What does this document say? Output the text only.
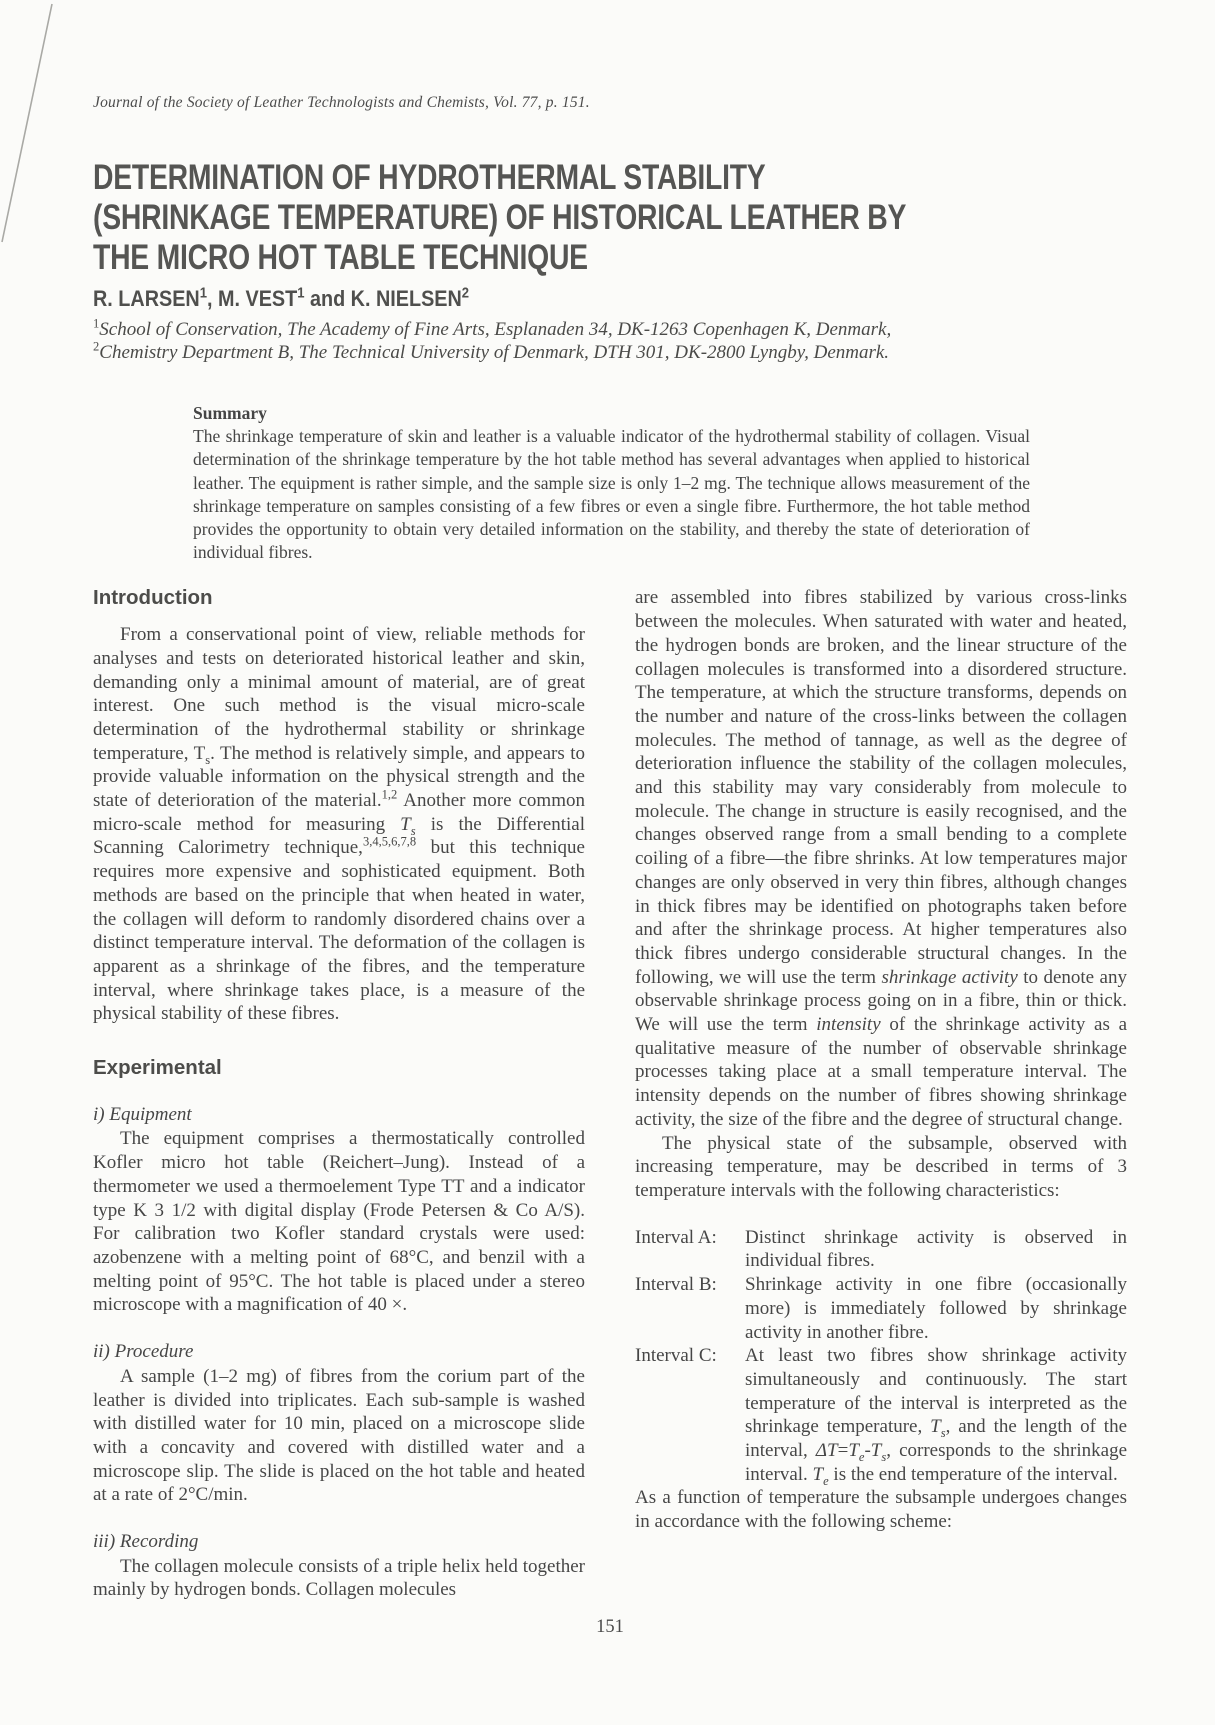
Journal of the Society of Leather Technologists and Chemists, Vol. 77, p. 151.
DETERMINATION OF HYDROTHERMAL STABILITY
(SHRINKAGE TEMPERATURE) OF HISTORICAL LEATHER BY
THE MICRO HOT TABLE TECHNIQUE
R. LARSEN$^1$, M. VEST$^1$ and K. NIELSEN$^2$
$^1$School of Conservation, The Academy of Fine Arts, Esplanaden 34, DK-1263 Copenhagen K, Denmark,
$^2$Chemistry Department B, The Technical University of Denmark, DTH 301, DK-2800 Lyngby, Denmark.
Summary
The shrinkage temperature of skin and leather is a valuable indicator of the hydrothermal stability of collagen. Visual determination of the shrinkage temperature by the hot table method has several advantages when applied to historical leather. The equipment is rather simple, and the sample size is only 1–2 mg. The technique allows measurement of the shrinkage temperature on samples consisting of a few fibres or even a single fibre. Furthermore, the hot table method provides the opportunity to obtain very detailed information on the stability, and thereby the state of deterioration of individual fibres.
Introduction

From a conservational point of view, reliable methods for analyses and tests on deteriorated historical leather and skin, demanding only a minimal amount of material, are of great interest. One such method is the visual micro-scale determination of the hydrothermal stability or shrinkage temperature, $T_s$. The method is relatively simple, and appears to provide valuable information on the physical strength and the state of deterioration of the material.$^{1,2}$ Another more common micro-scale method for measuring $T_s$ is the Differential Scanning Calorimetry technique,$^{3,4,5,6,7,8}$ but this technique requires more expensive and sophisticated equipment. Both methods are based on the principle that when heated in water, the collagen will deform to randomly disordered chains over a distinct temperature interval. The deformation of the collagen is apparent as a shrinkage of the fibres, and the temperature interval, where shrinkage takes place, is a measure of the physical stability of these fibres.

Experimental
i) Equipment

The equipment comprises a thermostatically controlled Kofler micro hot table (Reichert–Jung). Instead of a thermometer we used a thermoelement Type TT and a indicator type K 3 1/2 with digital display (Frode Petersen & Co A/S). For calibration two Kofler standard crystals were used: azobenzene with a melting point of 68°C, and benzil with a melting point of 95°C. The hot table is placed under a stereo microscope with a magnification of 40 ×.

ii) Procedure

A sample (1–2 mg) of fibres from the corium part of the leather is divided into triplicates. Each sub-sample is washed with distilled water for 10 min, placed on a microscope slide with a concavity and covered with distilled water and a microscope slip. The slide is placed on the hot table and heated at a rate of 2°C/min.

iii) Recording

The collagen molecule consists of a triple helix held together mainly by hydrogen bonds. Collagen molecules

are assembled into fibres stabilized by various cross-links between the molecules. When saturated with water and heated, the hydrogen bonds are broken, and the linear structure of the collagen molecules is transformed into a disordered structure. The temperature, at which the structure transforms, depends on the number and nature of the cross-links between the collagen molecules. The method of tannage, as well as the degree of deterioration influence the stability of the collagen molecules, and this stability may vary considerably from molecule to molecule. The change in structure is easily recognised, and the changes observed range from a small bending to a complete coiling of a fibre—the fibre shrinks. At low temperatures major changes are only observed in very thin fibres, although changes in thick fibres may be identified on photographs taken before and after the shrinkage process. At higher temperatures also thick fibres undergo considerable structural changes. In the following, we will use the term shrinkage activity to denote any observable shrinkage process going on in a fibre, thin or thick. We will use the term intensity of the shrinkage activity as a qualitative measure of the number of observable shrinkage processes taking place at a small temperature interval. The intensity depends on the number of fibres showing shrinkage activity, the size of the fibre and the degree of structural change.

The physical state of the subsample, observed with increasing temperature, may be described in terms of 3 temperature intervals with the following characteristics:

Interval A:	Distinct shrinkage activity is observed in individual fibres.
Interval B:	Shrinkage activity in one fibre (occasionally more) is immediately followed by shrinkage activity in another fibre.
Interval C:	At least two fibres show shrinkage activity simultaneously and continuously. The start temperature of the interval is interpreted as the shrinkage temperature, $T_s$, and the length of the interval, $\Delta T=T_e-T_s$, corresponds to the shrinkage interval. $T_e$ is the end temperature of the interval.

As a function of temperature the subsample undergoes changes in accordance with the following scheme:

151
